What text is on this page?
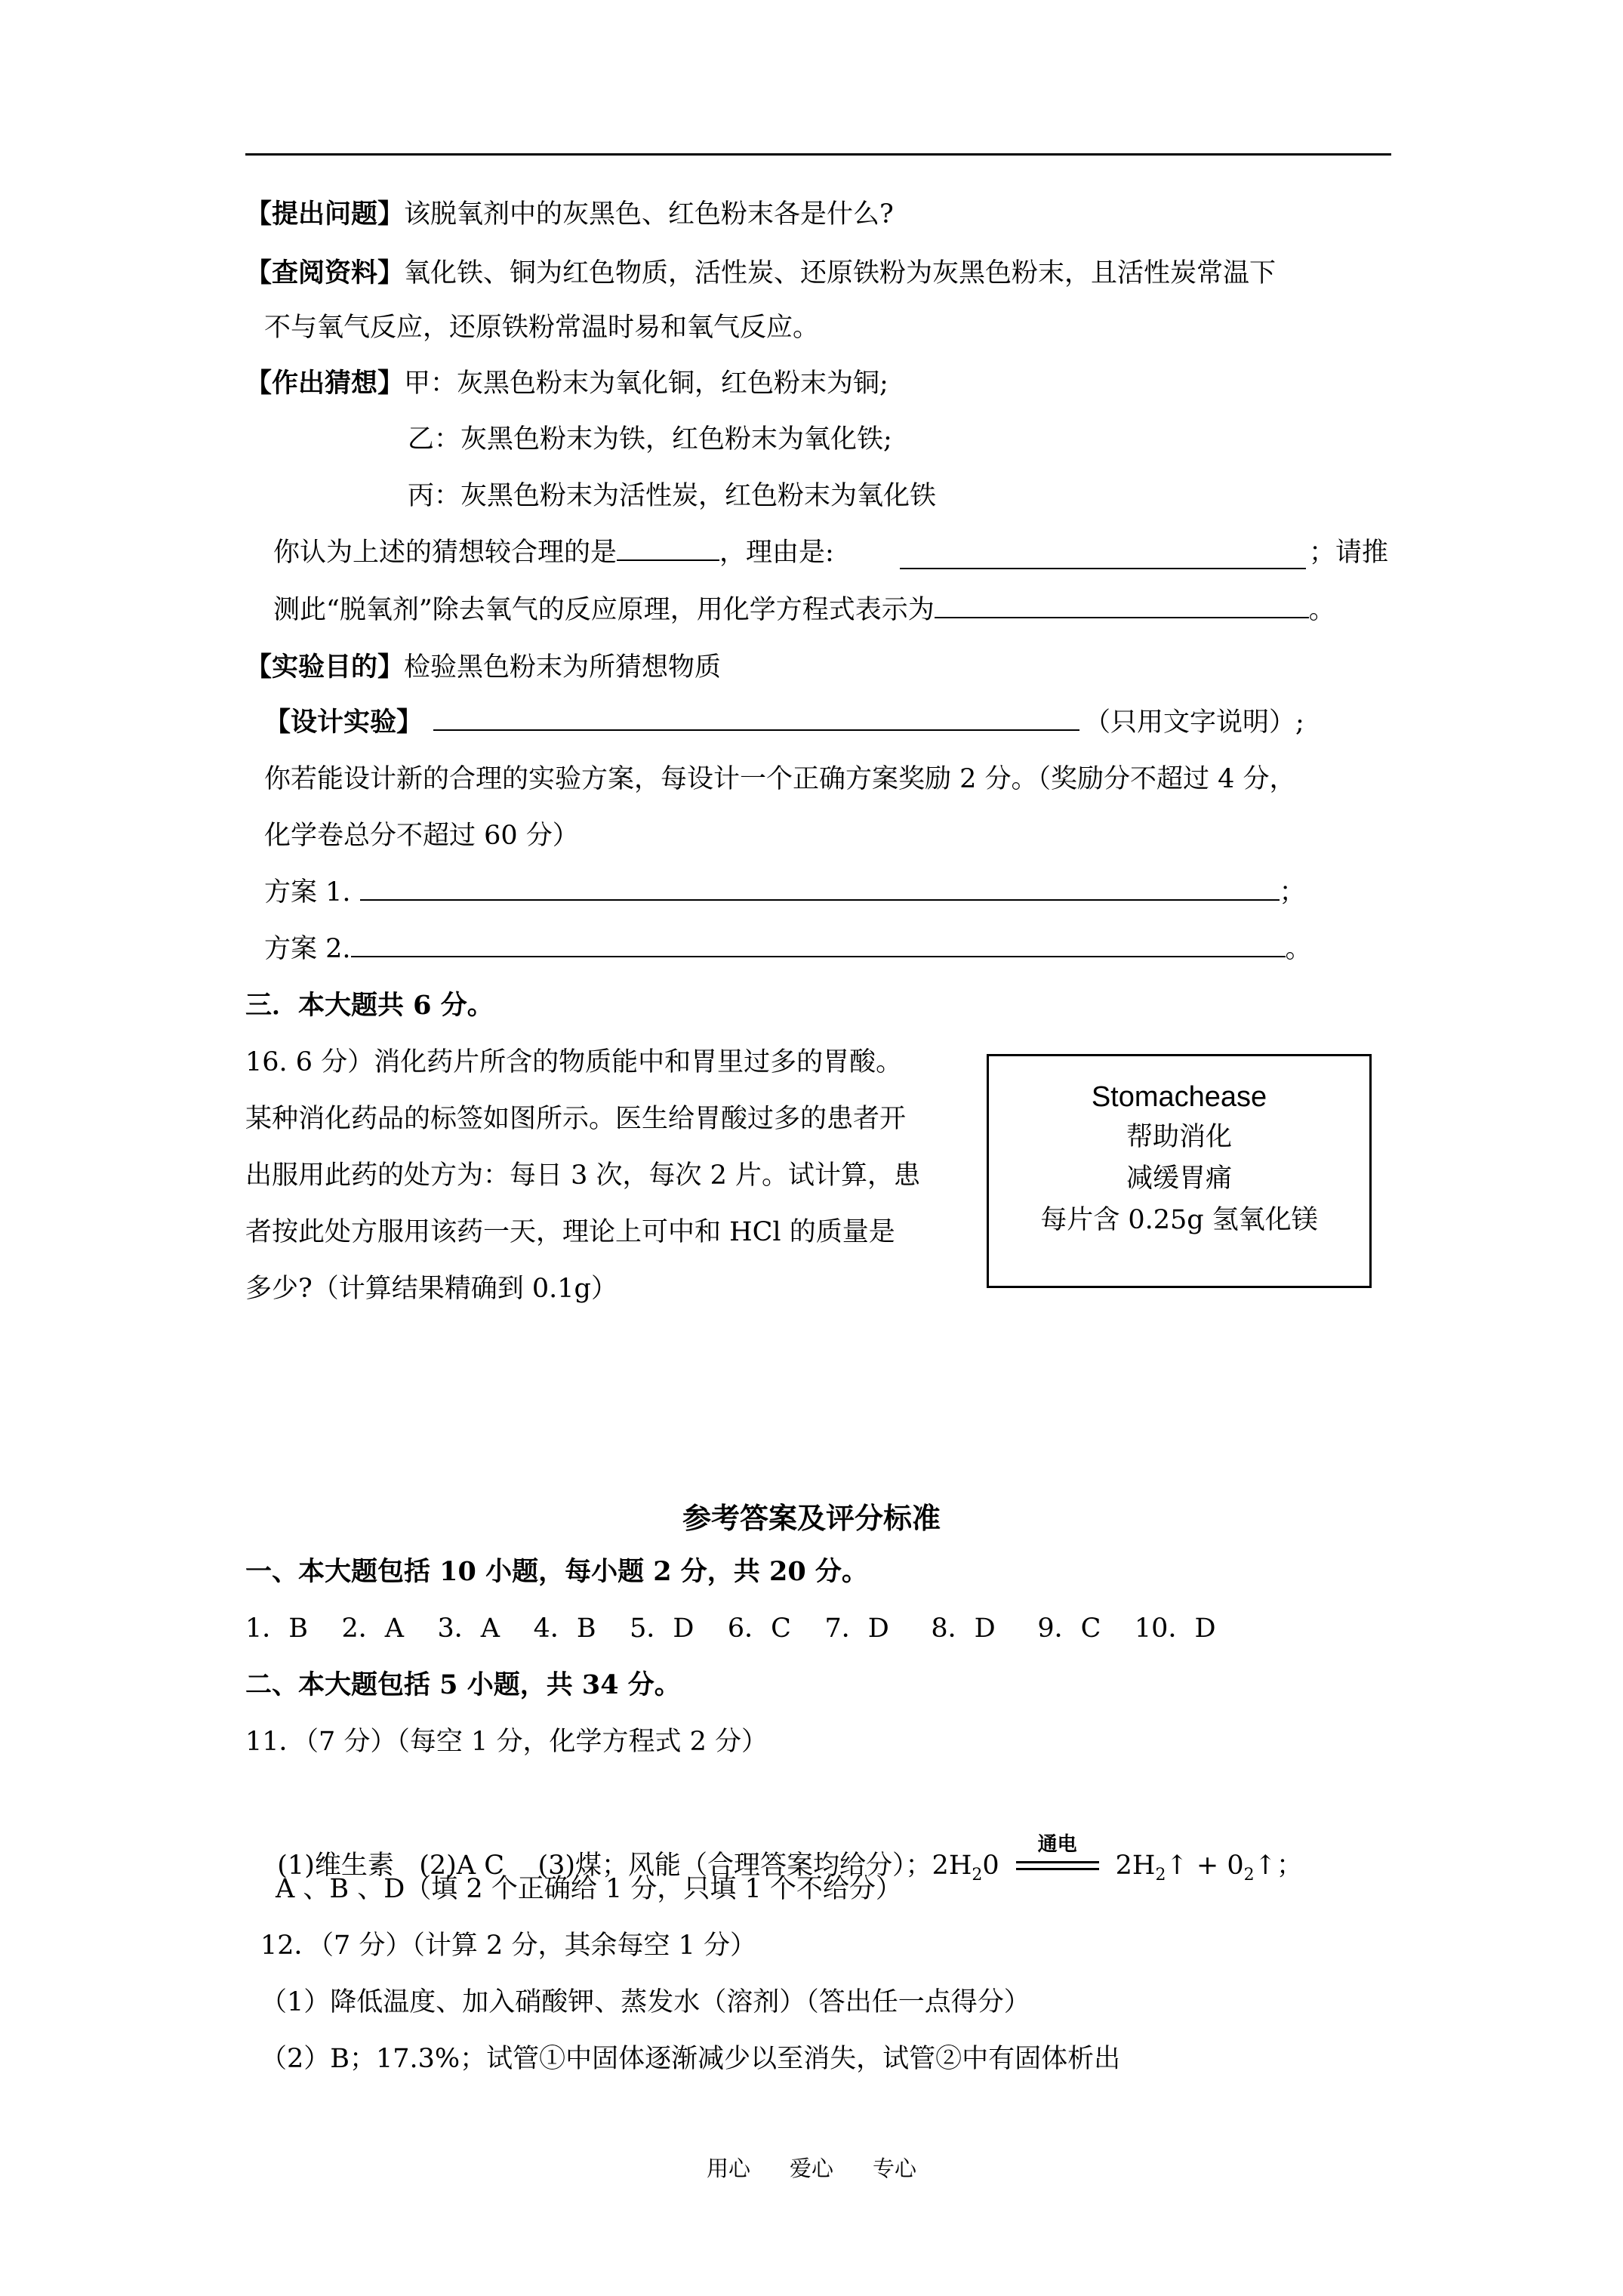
【提出问题】该脱氧剂中的灰黑色、红色粉末各是什么?
【查阅资料】氧化铁、铜为红色物质，活性炭、还原铁粉为灰黑色粉末，且活性炭常温下
不与氧气反应，还原铁粉常温时易和氧气反应。
【作出猜想】甲：灰黑色粉末为氧化铜，红色粉末为铜;
乙：灰黑色粉末为铁，红色粉末为氧化铁;
丙：灰黑色粉末为活性炭，红色粉末为氧化铁
你认为上述的猜想较合理的是	，理由是:	；请推
测此“脱氧剂”除去氧气的反应原理，用化学方程式表示为	。
【实验目的】检验黑色粉末为所猜想物质
【设计实验】	（只用文字说明）;
你若能设计新的合理的实验方案，每设计一个正确方案奖励 2 分。（奖励分不超过 4 分，
化学卷总分不超过 60 分）
方案 1.	；
方案 2.	。
三．本大题共 6 分。
16. 6 分）消化药片所含的物质能中和胃里过多的胃酸。
某种消化药品的标签如图所示。医生给胃酸过多的患者开
出服用此药的处方为：每日 3 次，每次 2 片。试计算，患
者按此处方服用该药一天，理论上可中和 HCl 的质量是
多少?（计算结果精确到 0.1g）
Stomachease
帮助消化
减缓胃痛
每片含 0.25g 氢氧化镁
参考答案及评分标准
一、本大题包括 10 小题，每小题 2 分，共 20 分。
1．B    2．A    3．A    4．B    5．D    6．C    7．D     8．D     9．C    10．D
二、本大题包括 5 小题，共 34 分。
11．（7 分）（每空 1 分，化学方程式 2 分）

(1)维生素   (2)A C    (3)煤；风能（合理答案均给分）；$2H_20$
通电
$2H_2↑$ + $0_2↑$；

A 、B 、D（填 2 个正确给 1 分，只填 1 个不给分）
12．（7 分）（计算 2 分，其余每空 1 分）
（1）降低温度、加入硝酸钾、蒸发水（溶剂）（答出任一点得分）
（2）B；17.3%；试管①中固体逐渐减少以至消失，试管②中有固体析出
用心 爱心 专心
